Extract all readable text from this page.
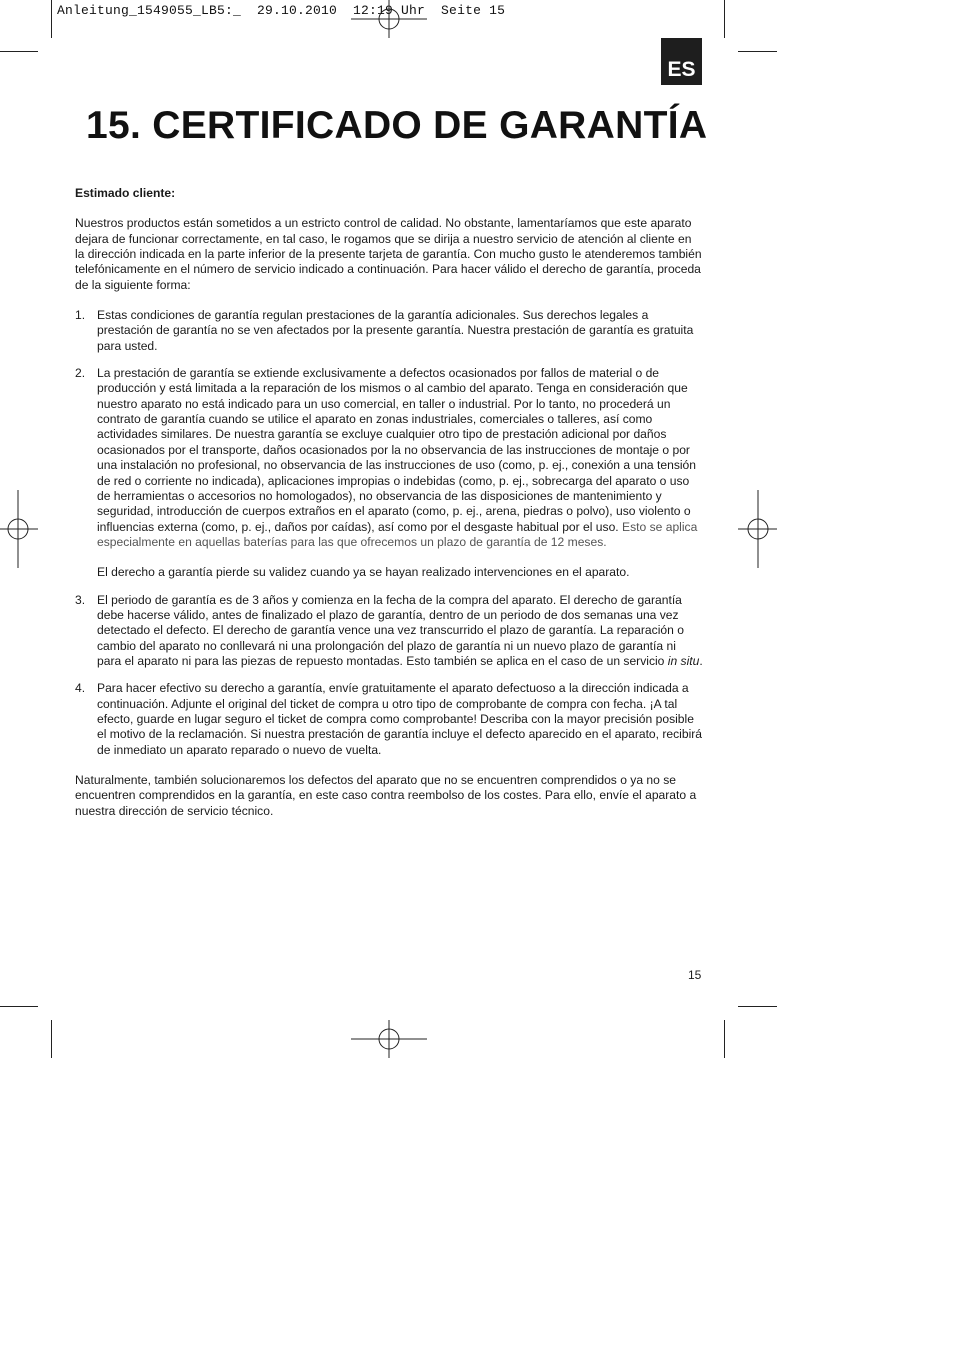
Anleitung_1549055_LB5:_  29.10.2010  12:19 Uhr  Seite 15
ES
15. CERTIFICADO DE GARANTÍA

Estimado cliente:

Nuestros productos están sometidos a un estricto control de calidad. No obstante, lamentaríamos que este aparato dejara de funcionar correctamente, en tal caso, le rogamos que se dirija a nuestro servicio de atención al cliente en la dirección indicada en la parte inferior de la presente tarjeta de garantía. Con mucho gusto le atenderemos también telefónicamente en el número de servicio indicado a continuación. Para hacer válido el derecho de garantía, proceda de la siguiente forma:

1. Estas condiciones de garantía regulan prestaciones de la garantía adicionales. Sus derechos legales a prestación de garantía no se ven afectados por la presente garantía. Nuestra prestación de garantía es gratuita para usted.
2. La prestación de garantía se extiende exclusivamente a defectos ocasionados por fallos de material o de producción y está limitada a la reparación de los mismos o al cambio del aparato. Tenga en consideración que nuestro aparato no está indicado para un uso comercial, en taller o industrial. Por lo tanto, no procederá un contrato de garantía cuando se utilice el aparato en zonas industriales, comerciales o talleres, así como actividades similares. De nuestra garantía se excluye cualquier otro tipo de prestación adicional por daños ocasionados por el transporte, daños ocasionados por la no observancia de las instrucciones de montaje o por una instalación no profesional, no observancia de las instrucciones de uso (como, p. ej., conexión a una tensión de red o corriente no indicada), aplicaciones impropias o indebidas (como, p. ej., sobrecarga del aparato o uso de herramientas o accesorios no homologados), no observancia de las disposiciones de mantenimiento y seguridad, introducción de cuerpos extraños en el aparato (como, p. ej., arena, piedras o polvo), uso violento o influencias externa (como, p. ej., daños por caídas), así como por el desgaste habitual por el uso. Esto se aplica especialmente en aquellas baterías para las que ofrecemos un plazo de garantía de 12 meses.
El derecho a garantía pierde su validez cuando ya se hayan realizado intervenciones en el aparato.
3. El periodo de garantía es de 3 años y comienza en la fecha de la compra del aparato. El derecho de garantía debe hacerse válido, antes de finalizado el plazo de garantía, dentro de un periodo de dos semanas una vez detectado el defecto. El derecho de garantía vence una vez transcurrido el plazo de garantía. La reparación o cambio del aparato no conllevará ni una prolongación del plazo de garantía ni un nuevo plazo de garantía ni para el aparato ni para las piezas de repuesto montadas. Esto también se aplica en el caso de un servicio in situ.
4. Para hacer efectivo su derecho a garantía, envíe gratuitamente el aparato defectuoso a la dirección indicada a continuación. Adjunte el original del ticket de compra u otro tipo de comprobante de compra con fecha. ¡A tal efecto, guarde en lugar seguro el ticket de compra como comprobante! Describa con la mayor precisión posible el motivo de la reclamación. Si nuestra prestación de garantía incluye el defecto aparecido en el aparato, recibirá de inmediato un aparato reparado o nuevo de vuelta.

Naturalmente, también solucionaremos los defectos del aparato que no se encuentren comprendidos o ya no se encuentren comprendidos en la garantía, en este caso contra reembolso de los costes. Para ello, envíe el aparato a nuestra dirección de servicio técnico.

15
